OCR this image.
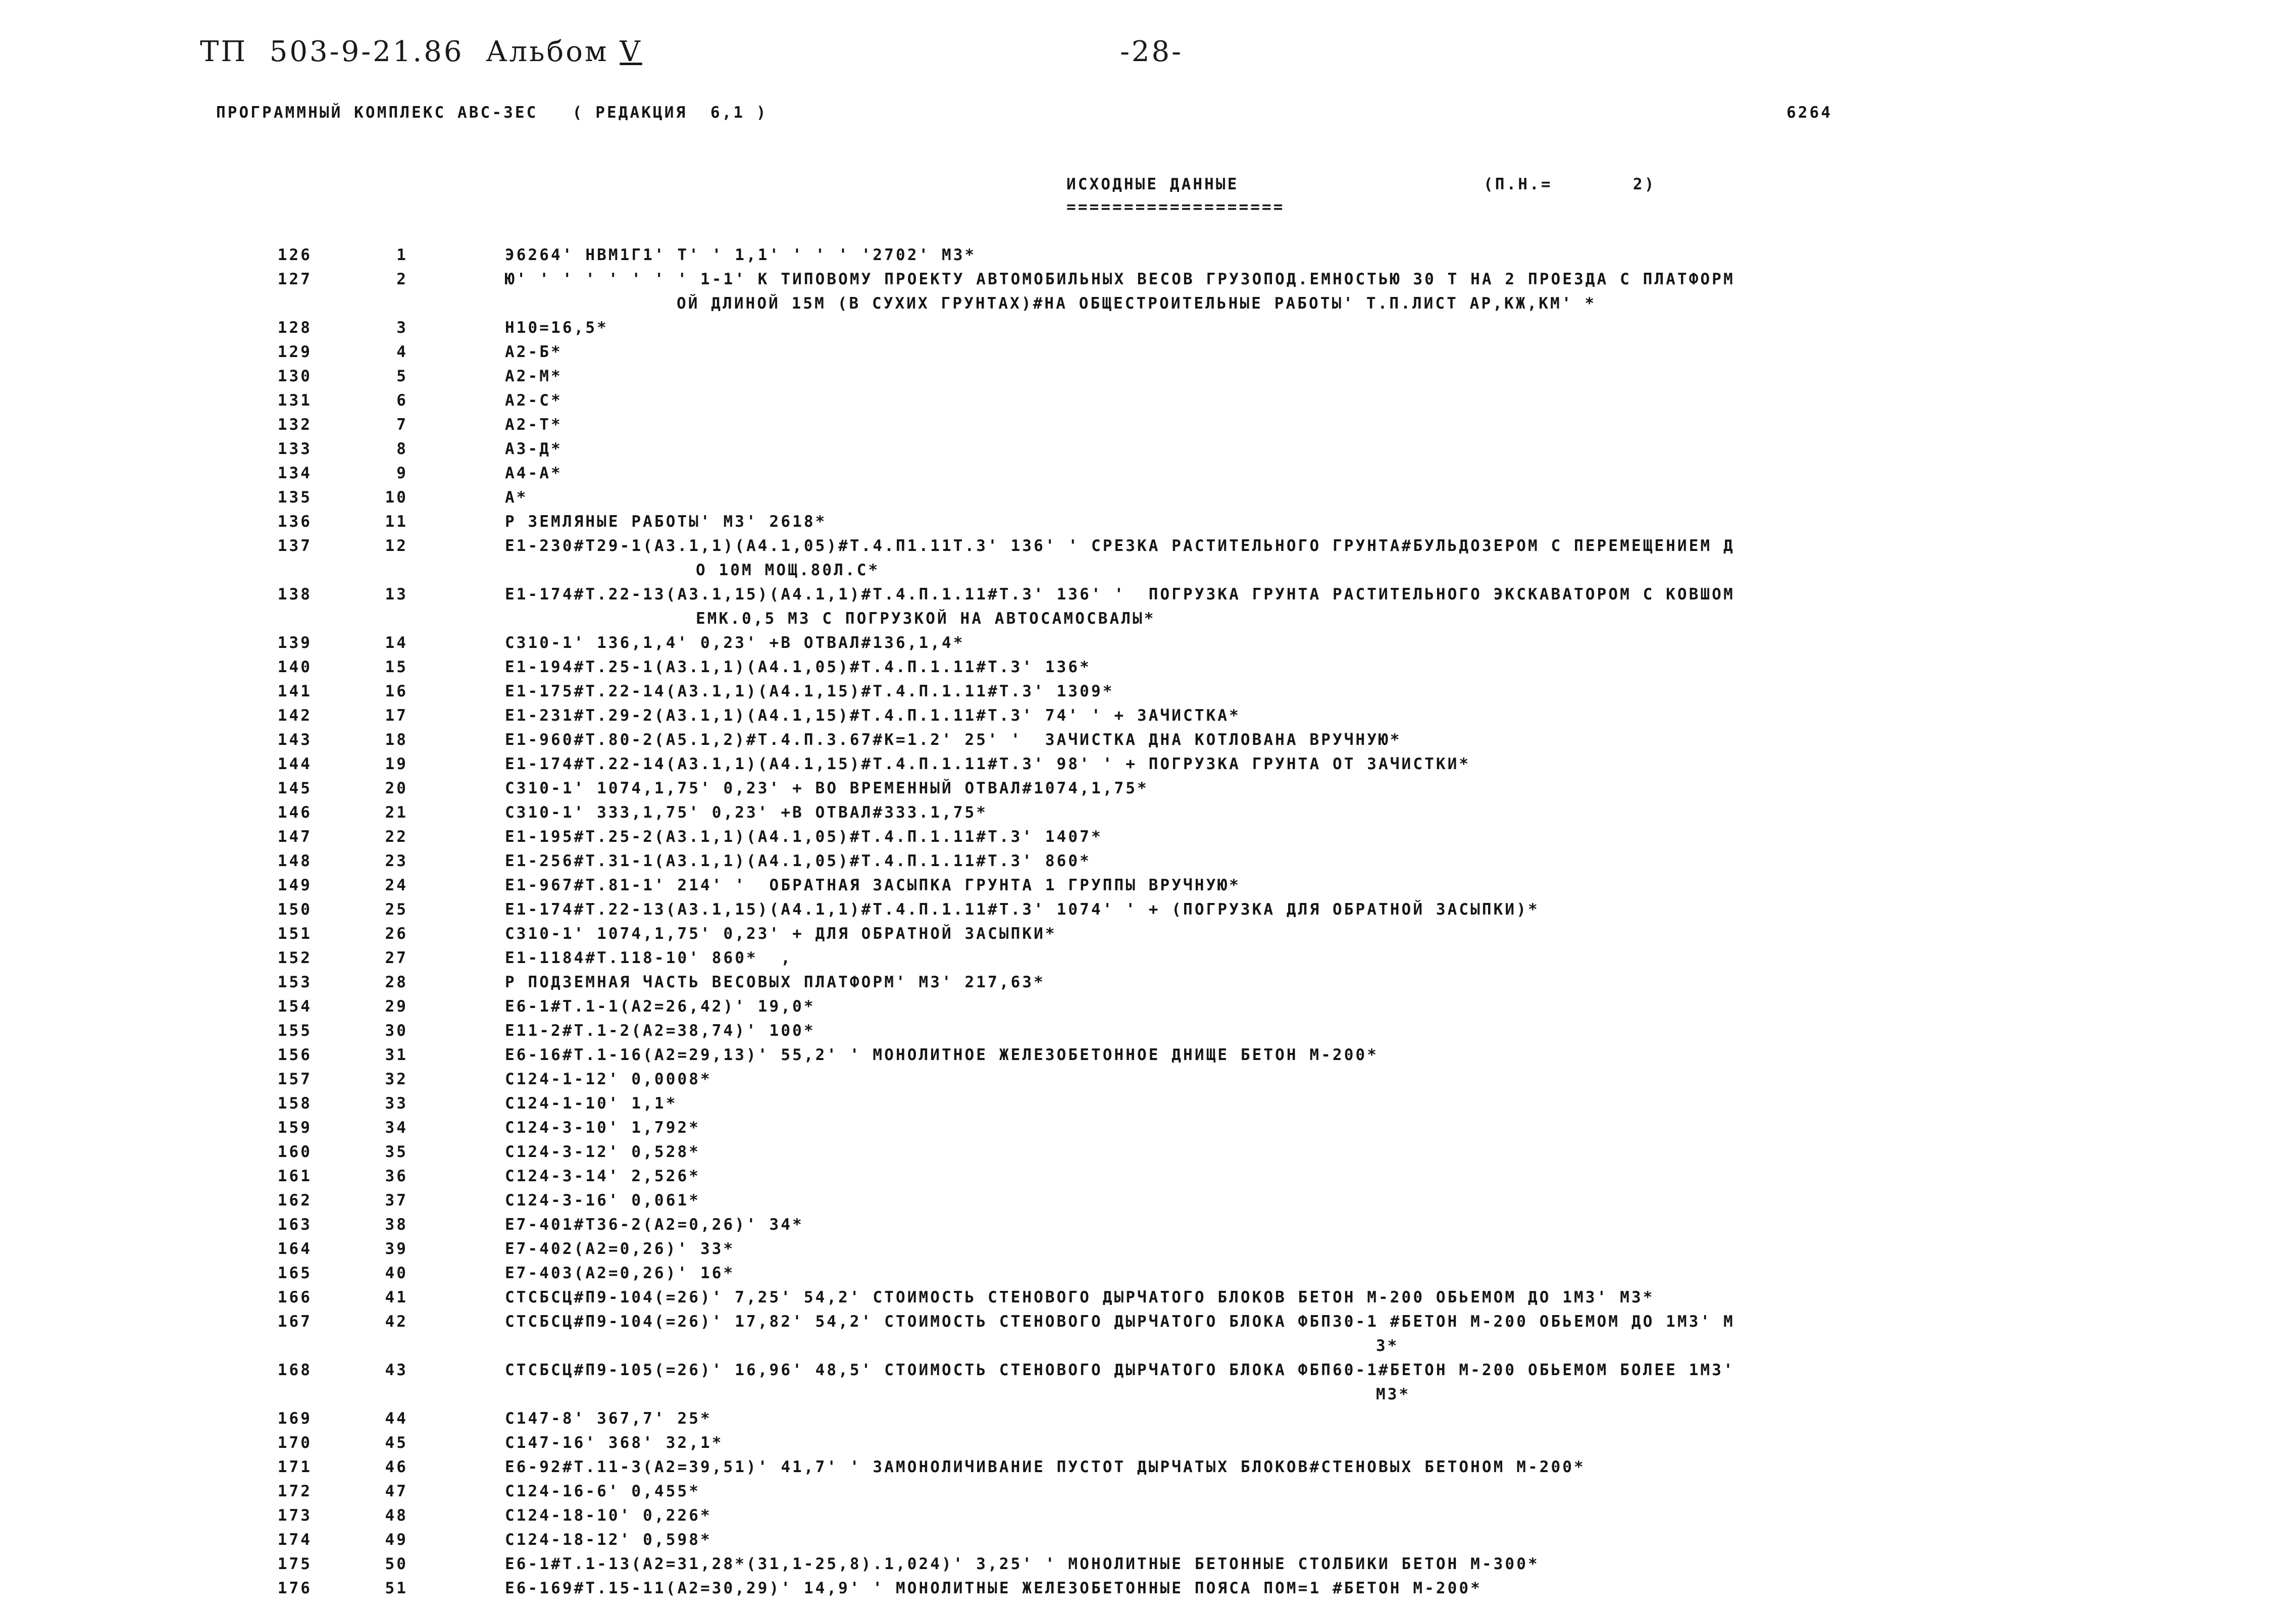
ТП  503-9-21.86  Альбом V	-28-
ПРОГРАММНЫЙ КОМПЛЕКС АВС-3ЕС   ( РЕДАКЦИЯ  6,1 )	6264
ИСХОДНЫЕ ДАННЫЕ	(П.Н.=       2)
===================
126	1	Э6264' НВМ1Г1' Т' ' 1,1' ' ' ' '2702' М3*
127	2	Ю' ' ' ' ' ' ' ' 1-1' К ТИПОВОМУ ПРОЕКТУ АВТОМОБИЛЬНЫХ ВЕСОВ ГРУЗОПОД.ЕМНОСТЬЮ 30 Т НА 2 ПРОЕЗДА С ПЛАТФОРМ
ОЙ ДЛИНОЙ 15М (В СУХИХ ГРУНТАХ)#НА ОБЩЕСТРОИТЕЛЬНЫЕ РАБОТЫ' Т.П.ЛИСТ АР,КЖ,КМ' *
128	3	Н10=16,5*
129	4	А2-Б*
130	5	А2-М*
131	6	А2-С*
132	7	А2-Т*
133	8	А3-Д*
134	9	А4-А*
135	10	А*
136	11	Р ЗЕМЛЯНЫЕ РАБОТЫ' М3' 2618*
137	12	Е1-230#Т29-1(А3.1,1)(А4.1,05)#Т.4.П1.11Т.3' 136' ' СРЕЗКА РАСТИТЕЛЬНОГО ГРУНТА#БУЛЬДОЗЕРОМ С ПЕРЕМЕЩЕНИЕМ Д
О 10М МОЩ.80Л.С*
138	13	Е1-174#Т.22-13(А3.1,15)(А4.1,1)#Т.4.П.1.11#Т.3' 136' '  ПОГРУЗКА ГРУНТА РАСТИТЕЛЬНОГО ЭКСКАВАТОРОМ С КОВШОМ
ЕМК.0,5 М3 С ПОГРУЗКОЙ НА АВТОСАМОСВАЛЫ*
139	14	С310-1' 136,1,4' 0,23' +В ОТВАЛ#136,1,4*
140	15	Е1-194#Т.25-1(А3.1,1)(А4.1,05)#Т.4.П.1.11#Т.3' 136*
141	16	Е1-175#Т.22-14(А3.1,1)(А4.1,15)#Т.4.П.1.11#Т.3' 1309*
142	17	Е1-231#Т.29-2(А3.1,1)(А4.1,15)#Т.4.П.1.11#Т.3' 74' ' + ЗАЧИСТКА*
143	18	Е1-960#Т.80-2(А5.1,2)#Т.4.П.3.67#К=1.2' 25' '  ЗАЧИСТКА ДНА КОТЛОВАНА ВРУЧНУЮ*
144	19	Е1-174#Т.22-14(А3.1,1)(А4.1,15)#Т.4.П.1.11#Т.3' 98' ' + ПОГРУЗКА ГРУНТА ОТ ЗАЧИСТКИ*
145	20	С310-1' 1074,1,75' 0,23' + ВО ВРЕМЕННЫЙ ОТВАЛ#1074,1,75*
146	21	С310-1' 333,1,75' 0,23' +В ОТВАЛ#333.1,75*
147	22	Е1-195#Т.25-2(А3.1,1)(А4.1,05)#Т.4.П.1.11#Т.3' 1407*
148	23	Е1-256#Т.31-1(А3.1,1)(А4.1,05)#Т.4.П.1.11#Т.3' 860*
149	24	Е1-967#Т.81-1' 214' '  ОБРАТНАЯ ЗАСЫПКА ГРУНТА 1 ГРУППЫ ВРУЧНУЮ*
150	25	Е1-174#Т.22-13(А3.1,15)(А4.1,1)#Т.4.П.1.11#Т.3' 1074' ' + (ПОГРУЗКА ДЛЯ ОБРАТНОЙ ЗАСЫПКИ)*
151	26	С310-1' 1074,1,75' 0,23' + ДЛЯ ОБРАТНОЙ ЗАСЫПКИ*
152	27	Е1-1184#Т.118-10' 860*  ,
153	28	Р ПОДЗЕМНАЯ ЧАСТЬ ВЕСОВЫХ ПЛАТФОРМ' М3' 217,63*
154	29	Е6-1#Т.1-1(А2=26,42)' 19,0*
155	30	Е11-2#Т.1-2(А2=38,74)' 100*
156	31	Е6-16#Т.1-16(А2=29,13)' 55,2' ' МОНОЛИТНОЕ ЖЕЛЕЗОБЕТОННОЕ ДНИЩЕ БЕТОН М-200*
157	32	С124-1-12' 0,0008*
158	33	С124-1-10' 1,1*
159	34	С124-3-10' 1,792*
160	35	С124-3-12' 0,528*
161	36	С124-3-14' 2,526*
162	37	С124-3-16' 0,061*
163	38	Е7-401#Т36-2(А2=0,26)' 34*
164	39	Е7-402(А2=0,26)' 33*
165	40	Е7-403(А2=0,26)' 16*
166	41	СТСБСЦ#П9-104(=26)' 7,25' 54,2' СТОИМОСТЬ СТЕНОВОГО ДЫРЧАТОГО БЛОКОВ БЕТОН М-200 ОБЬЕМОМ ДО 1М3' М3*
167	42	СТСБСЦ#П9-104(=26)' 17,82' 54,2' СТОИМОСТЬ СТЕНОВОГО ДЫРЧАТОГО БЛОКА ФБП30-1 #БЕТОН М-200 ОБЬЕМОМ ДО 1М3' М
3*
168	43	СТСБСЦ#П9-105(=26)' 16,96' 48,5' СТОИМОСТЬ СТЕНОВОГО ДЫРЧАТОГО БЛОКА ФБП60-1#БЕТОН М-200 ОБЬЕМОМ БОЛЕЕ 1М3'
М3*
169	44	С147-8' 367,7' 25*
170	45	С147-16' 368' 32,1*
171	46	Е6-92#Т.11-3(А2=39,51)' 41,7' ' ЗАМОНОЛИЧИВАНИЕ ПУСТОТ ДЫРЧАТЫХ БЛОКОВ#СТЕНОВЫХ БЕТОНОМ М-200*
172	47	С124-16-6' 0,455*
173	48	С124-18-10' 0,226*
174	49	С124-18-12' 0,598*
175	50	Е6-1#Т.1-13(А2=31,28*(31,1-25,8).1,024)' 3,25' ' МОНОЛИТНЫЕ БЕТОННЫЕ СТОЛБИКИ БЕТОН М-300*
176	51	Е6-169#Т.15-11(А2=30,29)' 14,9' ' МОНОЛИТНЫЕ ЖЕЛЕЗОБЕТОННЫЕ ПОЯСА ПОМ=1 #БЕТОН М-200*
